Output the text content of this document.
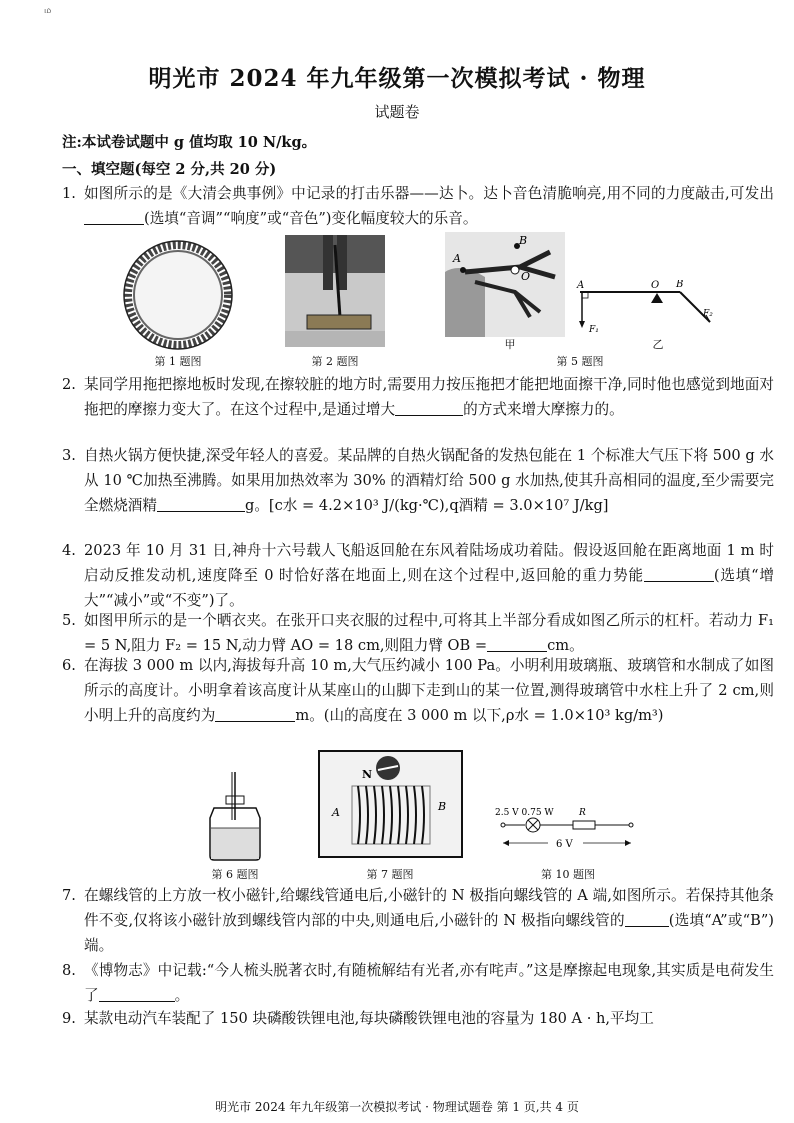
ம
明光市 2024 年九年级第一次模拟考试 · 物理
试题卷
注:本试卷试题中 g 值均取 10 N/kg。
一、填空题(每空 2 分,共 20 分)
1. 如图所示的是《大清会典事例》中记录的打击乐器——达卜。达卜音色清脆响亮,用不同的力度敲击,可发出(选填“音调”“响度”或“音色”)变化幅度较大的乐音。
第 1 题图	第 2 题图
A
B
O
甲
A	O B
F₁
F₂
乙
第 5 题图
2. 某同学用拖把擦地板时发现,在擦较脏的地方时,需要用力按压拖把才能把地面擦干净,同时他也感觉到地面对拖把的摩擦力变大了。在这个过程中,是通过增大	的方式来增大摩擦力的。
3. 自热火锅方便快捷,深受年轻人的喜爱。某品牌的自热火锅配备的发热包能在 1 个标准大气压下将 500 g 水从 10 ℃加热至沸腾。如果用加热效率为 30% 的酒精灯给 500 g 水加热,使其升高相同的温度,至少需要完全燃烧酒精	g。[c水 = 4.2×10³ J/(kg·℃),q酒精 = 3.0×10⁷ J/kg]
4. 2023 年 10 月 31 日,神舟十六号载人飞船返回舱在东风着陆场成功着陆。假设返回舱在距离地面 1 m 时启动反推发动机,速度降至 0 时恰好落在地面上,则在这个过程中,返回舱的重力势能	(选填“增大”“减小”或“不变”)了。
5. 如图甲所示的是一个晒衣夹。在张开口夹衣服的过程中,可将其上半部分看成如图乙所示的杠杆。若动力 F₁ = 5 N,阻力 F₂ = 15 N,动力臂 AO = 18 cm,则阻力臂 OB =	cm。
6. 在海拔 3 000 m 以内,海拔每升高 10 m,大气压约减小 100 Pa。小明利用玻璃瓶、玻璃管和水制成了如图所示的高度计。小明拿着该高度计从某座山的山脚下走到山的某一位置,测得玻璃管中水柱上升了 2 cm,则小明上升的高度约为	m。(山的高度在 3 000 m 以下,ρ水 = 1.0×10³ kg/m³)
第 6 题图
N
A	B
第 7 题图
2.5 V 0.75 W	R
6 V
第 10 题图
7. 在螺线管的上方放一枚小磁针,给螺线管通电后,小磁针的 N 极指向螺线管的 A 端,如图所示。若保持其他条件不变,仅将该小磁针放到螺线管内部的中央,则通电后,小磁针的 N 极指向螺线管的	(选填“A”或“B”)端。
8. 《博物志》中记载:“今人梳头脱著衣时,有随梳解结有光者,亦有咤声。”这是摩擦起电现象,其实质是电荷发生了	。
9. 某款电动汽车装配了 150 块磷酸铁锂电池,每块磷酸铁锂电池的容量为 180 A · h,平均工
明光市 2024 年九年级第一次模拟考试 · 物理试题卷 第 1 页,共 4 页
